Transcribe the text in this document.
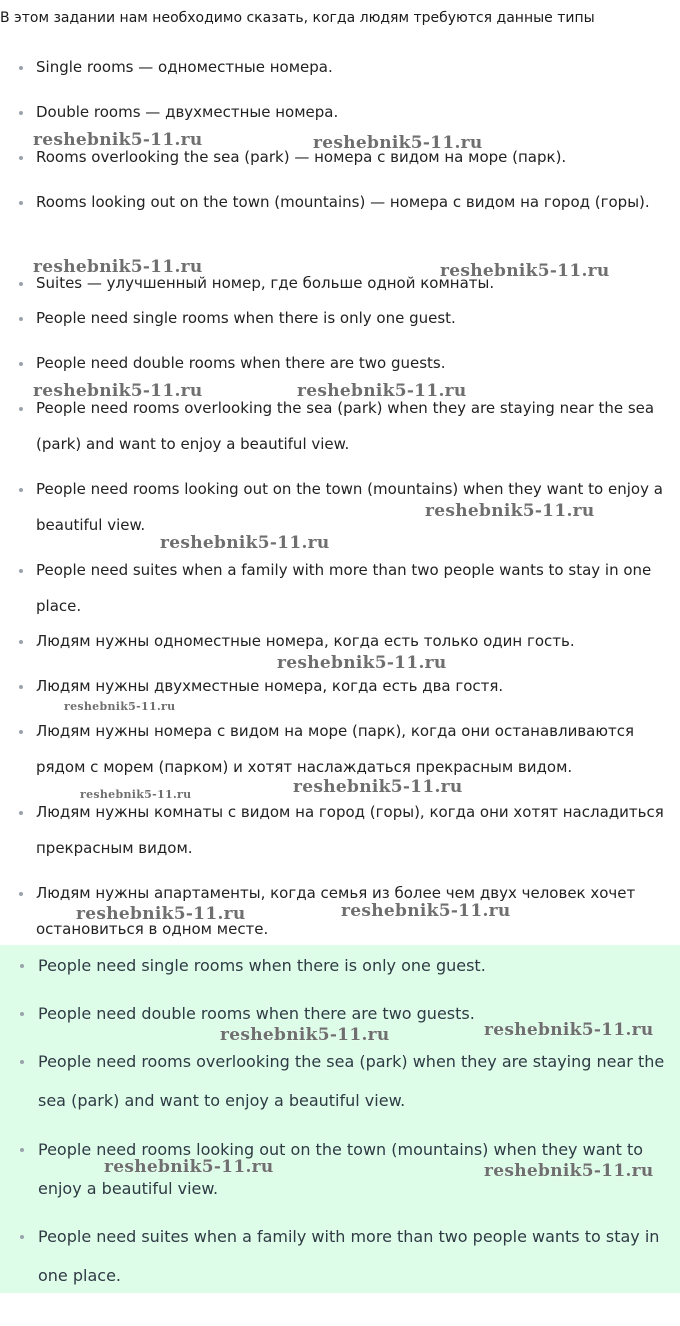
В этом задании нам необходимо сказать, когда людям требуются данные типы
Single rooms — одноместные номера.
Double rooms — двухместные номера.
Rooms overlooking the sea (park) — номера с видом на море (парк).
Rooms looking out on the town (mountains) — номера с видом на город (горы).
Suites — улучшенный номер, где больше одной комнаты.
People need single rooms when there is only one guest.
People need double rooms when there are two guests.
People need rooms overlooking the sea (park) when they are staying near the sea (park) and want to enjoy a beautiful view.
People need rooms looking out on the town (mountains) when they want to enjoy a beautiful view.
People need suites when a family with more than two people wants to stay in one place.
Людям нужны одноместные номера, когда есть только один гость.
Людям нужны двухместные номера, когда есть два гостя.
Людям нужны номера с видом на море (парк), когда они останавливаются рядом с морем (парком) и хотят наслаждаться прекрасным видом.
Людям нужны комнаты с видом на город (горы), когда они хотят насладиться прекрасным видом.
Людям нужны апартаменты, когда семья из более чем двух человек хочет остановиться в одном месте.
People need single rooms when there is only one guest.
People need double rooms when there are two guests.
People need rooms overlooking the sea (park) when they are staying near the sea (park) and want to enjoy a beautiful view.
People need rooms looking out on the town (mountains) when they want to enjoy a beautiful view.
People need suites when a family with more than two people wants to stay in one place.
reshebnik5-11.ru	reshebnik5-11.ru
reshebnik5-11.ru	reshebnik5-11.ru
reshebnik5-11.ru	reshebnik5-11.ru
reshebnik5-11.ru
reshebnik5-11.ru
reshebnik5-11.ru
reshebnik5-11.ru
reshebnik5-11.ru
reshebnik5-11.ru
reshebnik5-11.ru
reshebnik5-11.ru
reshebnik5-11.ru
reshebnik5-11.ru
reshebnik5-11.ru	reshebnik5-11.ru
